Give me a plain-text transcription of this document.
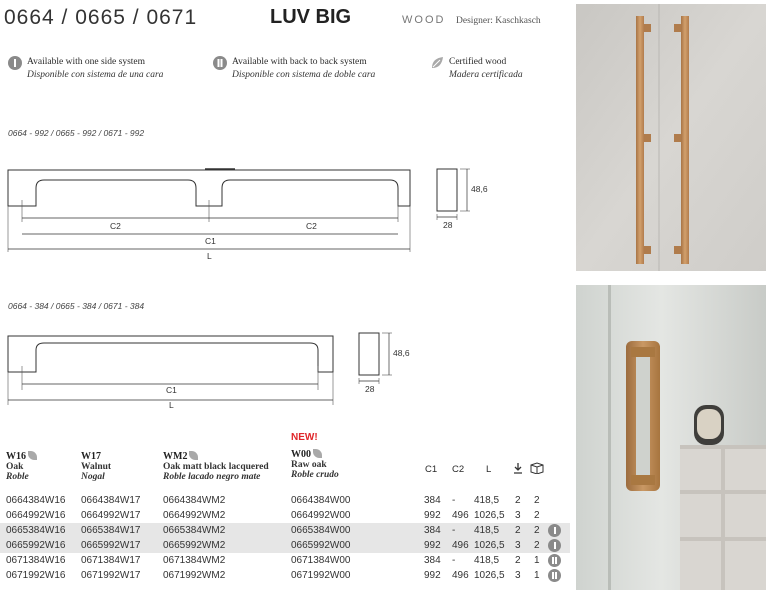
0664 / 0665 / 0671	LUV BIG	WOOD Designer: Kaschkasch
Available with one side system
Disponible con sistema de una cara
Available with back to back system
Disponible con sistema de doble cara
Certified wood
Madera certificada
0664 - 992 / 0665 - 992 / 0671 - 992
C2	C2
C1
L
48,6
28
0664 - 384 / 0665 - 384 / 0671 - 384
C1
L
48,6
28
W16
Oak
Roble
W17
Walnut
Nogal
WM2
Oak matt black lacquered
Roble lacado negro mate
NEW!
W00
Raw oak
Roble crudo	C1 C2 L
0664384W16 0664384W17 0664384WM2	0664384W00	384 - 418,5 2 2
0664992W16 0664992W17 0664992WM2	0664992W00	992 496 1026,5 3 2
0665384W16 0665384W17 0665384WM2	0665384W00	384 - 418,5 2 2
0665992W16 0665992W17 0665992WM2	0665992W00	992 496 1026,5 3 2
0671384W16 0671384W17 0671384WM2	0671384W00	384 - 418,5 2 1
0671992W16 0671992W17 0671992WM2	0671992W00	992 496 1026,5 3 1
